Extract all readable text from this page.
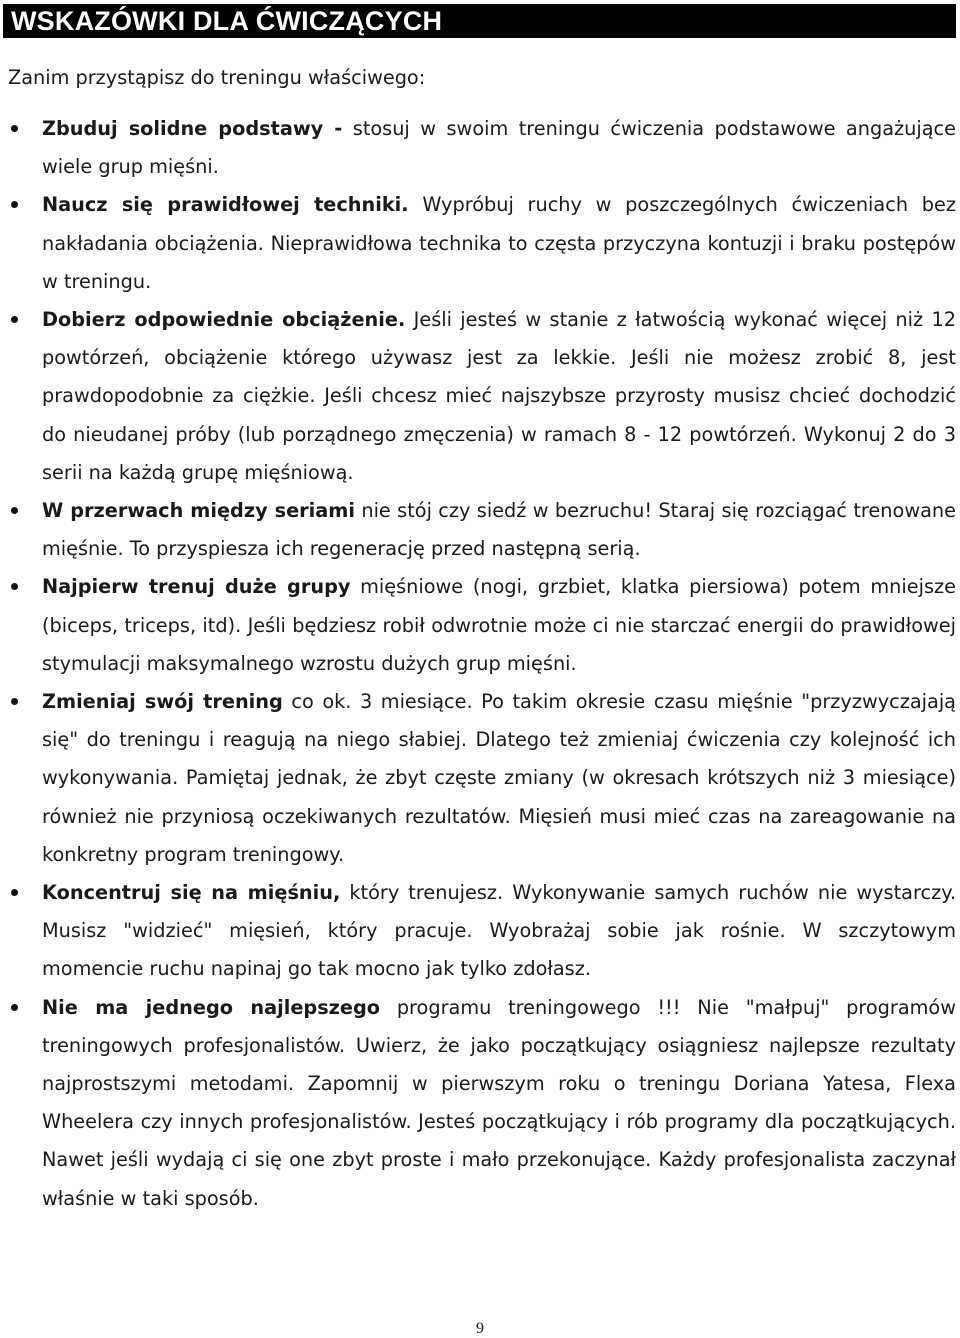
WSKAZÓWKI DLA ĆWICZĄCYCH
Zanim przystąpisz do treningu właściwego:
Zbuduj solidne podstawy - stosuj w swoim treningu ćwiczenia podstawowe angażujące wiele grup mięśni.
Naucz się prawidłowej techniki. Wypróbuj ruchy w poszczególnych ćwiczeniach bez nakładania obciążenia. Nieprawidłowa technika to częsta przyczyna kontuzji i braku postępów w treningu.
Dobierz odpowiednie obciążenie. Jeśli jesteś w stanie z łatwością wykonać więcej niż 12 powtórzeń, obciążenie którego używasz jest za lekkie. Jeśli nie możesz zrobić 8, jest prawdopodobnie za ciężkie. Jeśli chcesz mieć najszybsze przyrosty musisz chcieć dochodzić do nieudanej próby (lub porządnego zmęczenia) w ramach 8 - 12 powtórzeń. Wykonuj 2 do 3 serii na każdą grupę mięśniową.
W przerwach między seriami nie stój czy siedź w bezruchu! Staraj się rozciągać trenowane mięśnie. To przyspiesza ich regenerację przed następną serią.
Najpierw trenuj duże grupy mięśniowe (nogi, grzbiet, klatka piersiowa) potem mniejsze (biceps, triceps, itd). Jeśli będziesz robił odwrotnie może ci nie starczać energii do prawidłowej stymulacji maksymalnego wzrostu dużych grup mięśni.
Zmieniaj swój trening co ok. 3 miesiące. Po takim okresie czasu mięśnie "przyzwyczajają się" do treningu i reagują na niego słabiej. Dlatego też zmieniaj ćwiczenia czy kolejność ich wykonywania. Pamiętaj jednak, że zbyt częste zmiany (w okresach krótszych niż 3 miesiące) również nie przyniosą oczekiwanych rezultatów. Mięsień musi mieć czas na zareagowanie na konkretny program treningowy.
Koncentruj się na mięśniu, który trenujesz. Wykonywanie samych ruchów nie wystarczy. Musisz "widzieć" mięsień, który pracuje. Wyobrażaj sobie jak rośnie. W szczytowym momencie ruchu napinaj go tak mocno jak tylko zdołasz.
Nie ma jednego najlepszego programu treningowego !!! Nie "małpuj" programów treningowych profesjonalistów. Uwierz, że jako początkujący osiągniesz najlepsze rezultaty najprostszymi metodami. Zapomnij w pierwszym roku o treningu Doriana Yatesa, Flexa Wheelera czy innych profesjonalistów. Jesteś początkujący i rób programy dla początkujących. Nawet jeśli wydają ci się one zbyt proste i mało przekonujące. Każdy profesjonalista zaczynał właśnie w taki sposób.
9
